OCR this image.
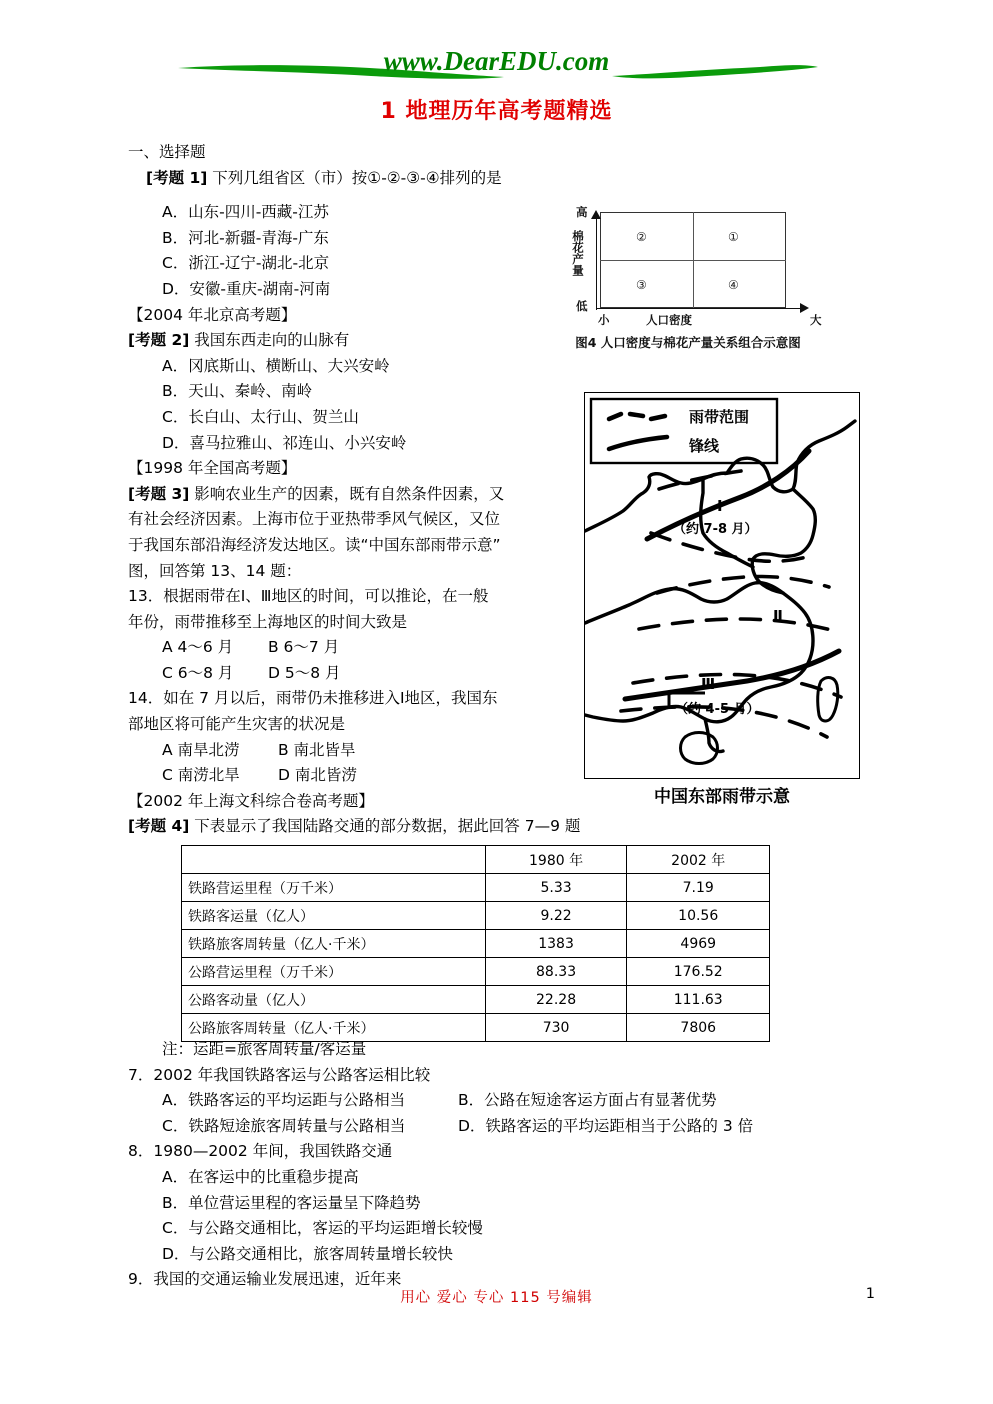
www.DearEDU.com
1 地理历年高考题精选
一、选择题
[考题 1] 下列几组省区（市）按①-②-③-④排列的是
A．山东-四川-西藏-江苏
B．河北-新疆-青海-广东
C．浙江-辽宁-湖北-北京
D．安徽-重庆-湖南-河南
【2004 年北京高考题】
[考题 2] 我国东西走向的山脉有
A．冈底斯山、横断山、大兴安岭
B．天山、秦岭、南岭
C．长白山、太行山、贺兰山
D．喜马拉雅山、祁连山、小兴安岭
【1998 年全国高考题】
[考题 3] 影响农业生产的因素，既有自然条件因素，又
有社会经济因素。上海市位于亚热带季风气候区，又位
于我国东部沿海经济发达地区。读“中国东部雨带示意”
图，回答第 13、14 题：
13．根据雨带在Ⅰ、Ⅲ地区的时间，可以推论，在一般
年份，雨带推移至上海地区的时间大致是
A 4～6 月	B 6～7 月
C 6～8 月	D 5～8 月
14．如在 7 月以后，雨带仍未推移进入Ⅰ地区，我国东
部地区将可能产生灾害的状况是
A 南旱北涝	B 南北皆旱
C 南涝北旱	D 南北皆涝
【2002 年上海文科综合卷高考题】
[考题 4] 下表显示了我国陆路交通的部分数据，据此回答 7—9 题
②	①
③	④
高
低
棉花产量
小	人口密度	大
图4 人口密度与棉花产量关系组合示意图
雨带范围
锋线
Ⅰ
（约 7-8 月）
Ⅱ
Ⅲ
（约 4-5 月）
中国东部雨带示意
	1980 年	2002 年
铁路营运里程（万千米）	5.33	7.19
铁路客运量（亿人）	9.22	10.56
铁路旅客周转量（亿人·千米）	1383	4969
公路营运里程（万千米）	88.33	176.52
公路客动量（亿人）	22.28	111.63
公路旅客周转量（亿人·千米）	730	7806
注：运距=旅客周转量/客运量
7．2002 年我国铁路客运与公路客运相比较
A．铁路客运的平均运距与公路相当	B．公路在短途客运方面占有显著优势
C．铁路短途旅客周转量与公路相当	D．铁路客运的平均运距相当于公路的 3 倍
8．1980—2002 年间，我国铁路交通
A．在客运中的比重稳步提高
B．单位营运里程的客运量呈下降趋势
C．与公路交通相比，客运的平均运距增长较慢
D．与公路交通相比，旅客周转量增长较快
9．我国的交通运输业发展迅速，近年来
用心 爱心 专心 115 号编辑	1
